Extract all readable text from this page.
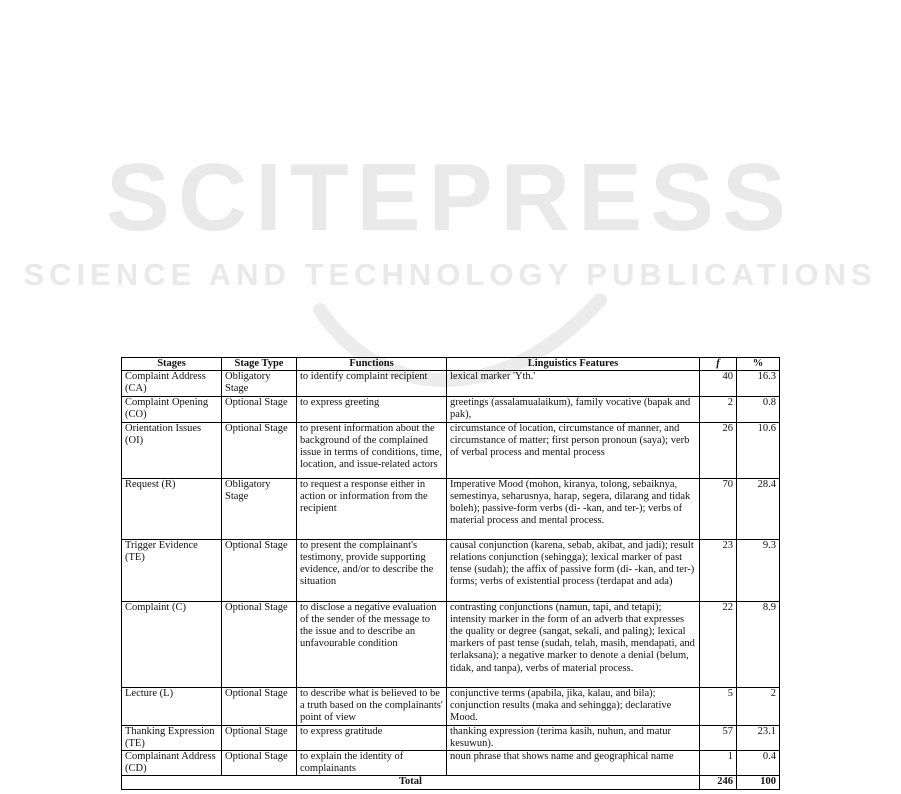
SCITEPRESS
SCIENCE AND TECHNOLOGY PUBLICATIONS
Stages	Stage Type	Functions	Linguistics Features	f	%
Complaint Address (CA)	Obligatory Stage	to identify complaint recipient	lexical marker 'Yth.'	40	16.3
Complaint Opening (CO)	Optional Stage	to express greeting	greetings (assalamualaikum), family vocative (bapak and pak),	2	0.8
Orientation Issues (OI)	Optional Stage	to present information about the background of the complained issue in terms of conditions, time, location, and issue-related actors	circumstance of location, circumstance of manner, and circumstance of matter; first person pronoun (saya); verb of verbal process and mental process	26	10.6
Request (R)	Obligatory Stage	to request a response either in action or information from the recipient	Imperative Mood (mohon, kiranya, tolong, sebaiknya, semestinya, seharusnya, harap, segera, dilarang and tidak boleh); passive-form verbs (di- -kan, and ter-); verbs of material process and mental process.	70	28.4
Trigger Evidence (TE)	Optional Stage	to present the complainant's testimony, provide supporting evidence, and/or to describe the situation	causal conjunction (karena, sebab, akibat, and jadi); result relations conjunction (sehingga); lexical marker of past tense (sudah); the affix of passive form (di- -kan, and ter-) forms; verbs of existential process (terdapat and ada)	23	9.3
Complaint (C)	Optional Stage	to disclose a negative evaluation of the sender of the message to the issue and to describe an unfavourable condition	contrasting conjunctions (namun, tapi, and tetapi); intensity marker in the form of an adverb that expresses the quality or degree (sangat, sekali, and paling); lexical markers of past tense (sudah, telah, masih, mendapati, and terlaksana); a negative marker to denote a denial (belum, tidak, and tanpa), verbs of material process.	22	8.9
Lecture (L)	Optional Stage	to describe what is believed to be a truth based on the complainants' point of view	conjunctive terms (apabila, jika, kalau, and bila); conjunction results (maka and sehingga); declarative Mood.	5	2
Thanking Expression (TE)	Optional Stage	to express gratitude	thanking expression (terima kasih, nuhun, and matur kesuwun).	57	23.1
Complainant Address (CD)	Optional Stage	to explain the identity of complainants	noun phrase that shows name and geographical name	1	0.4
Total				246	100
